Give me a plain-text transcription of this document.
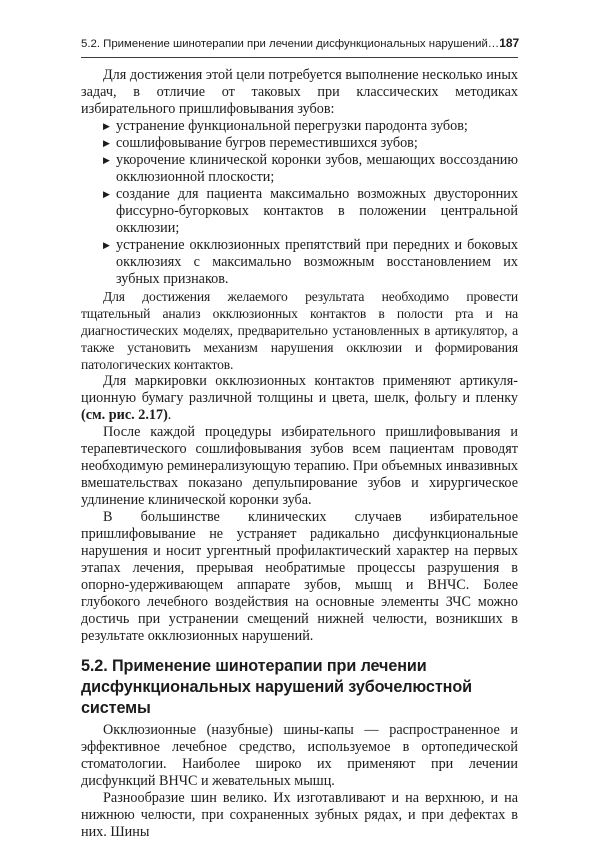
5.2. Применение шинотерапии при лечении дисфункциональных нарушений… 187

Для достижения этой цели потребуется выполнение несколько иных задач, в отличие от таковых при классических методиках избирательного пришлифовывания зубов:

▶ устранение функциональной перегрузки пародонта зубов;
▶ сошлифовывание бугров переместившихся зубов;
▶ укорочение клинической коронки зубов, мешающих воссозданию окклюзионной плоскости;
▶ создание для пациента максимально возможных двусторонних фиссурно-бугорковых контактов в положении центральной окклюзии;
▶ устранение окклюзионных препятствий при передних и боковых окклюзиях с максимально возможным восстановлением их зубных признаков.

Для достижения желаемого результата необходимо провести тщательный анализ окклюзионных контактов в полости рта и на диагностических моделях, предварительно установленных в артикулятор, а также установить механизм нарушения окклюзии и формирования патологических контактов.

Для маркировки окклюзионных контактов применяют артикуляционную бумагу различной толщины и цвета, шелк, фольгу и пленку (см. рис. 2.17).

После каждой процедуры избирательного пришлифовывания и терапевтического сошлифовывания зубов всем пациентам проводят необходимую реминерализующую терапию. При объемных инвазивных вмешательствах показано депульпирование зубов и хирургическое удлинение клинической коронки зуба.

В большинстве клинических случаев избирательное пришлифовывание не устраняет радикально дисфункциональные нарушения и носит ургентный профилактический характер на первых этапах лечения, прерывая необратимые процессы разрушения в опорно-удерживающем аппарате зубов, мышц и ВНЧС. Более глубокого лечебного воздействия на основные элементы ЗЧС можно достичь при устранении смещений нижней челюсти, возникших в результате окклюзионных нарушений.

5.2. Применение шинотерапии при лечении
дисфункциональных нарушений зубочелюстной системы

Окклюзионные (назубные) шины-капы — распространенное и эффективное лечебное средство, используемое в ортопедической стоматологии. Наиболее широко их применяют при лечении дисфункций ВНЧС и жевательных мышц.

Разнообразие шин велико. Их изготавливают и на верхнюю, и на нижнюю челюсти, при сохраненных зубных рядах, и при дефектах в них. Шины
